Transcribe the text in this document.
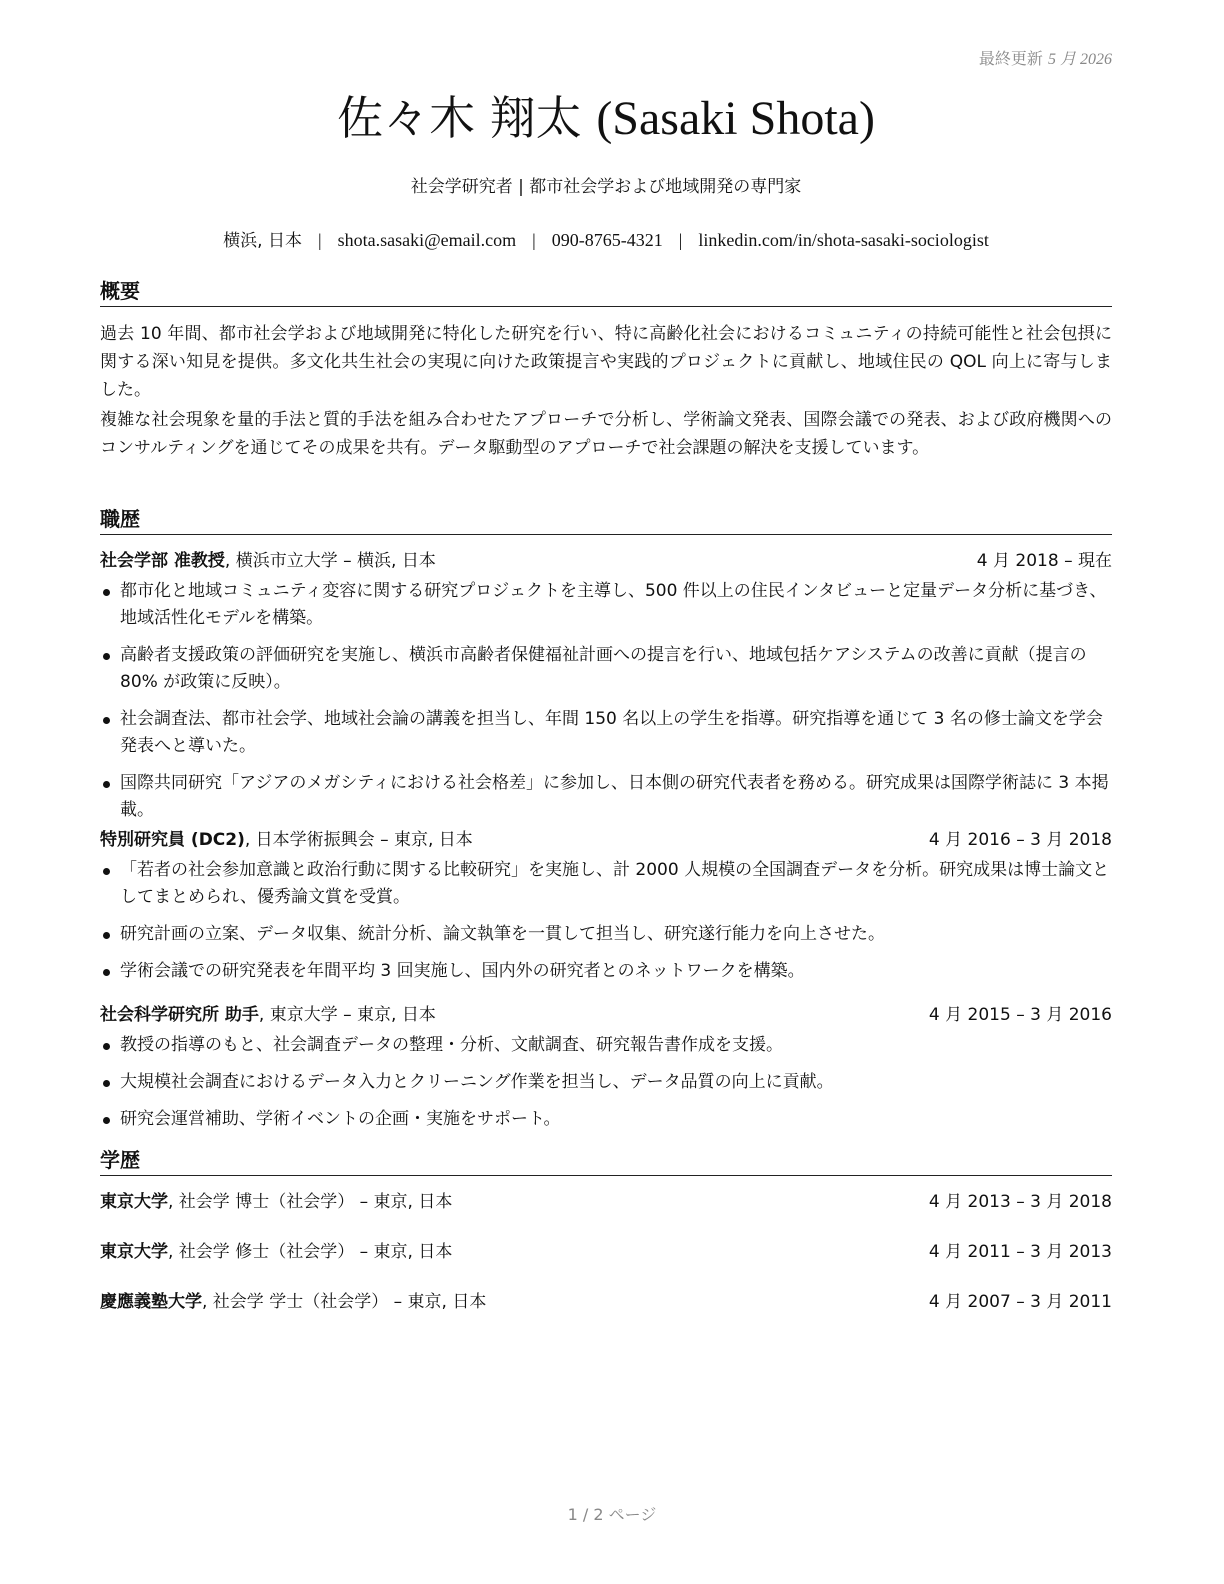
最終更新 5 月 2026
佐々木 翔太 (Sasaki Shota)
社会学研究者 | 都市社会学および地域開発の専門家
横浜, 日本 | shota.sasaki@email.com | 090-8765-4321 | linkedin.com/in/shota-sasaki-sociologist
概要

過去 10 年間、都市社会学および地域開発に特化した研究を行い、特に高齢化社会におけるコミュニティの持続可能性と社会包摂に関する深い知見を提供。多文化共生社会の実現に向けた政策提言や実践的プロジェクトに貢献し、地域住民の QOL 向上に寄与しました。

複雑な社会現象を量的手法と質的手法を組み合わせたアプローチで分析し、学術論文発表、国際会議での発表、および政府機関へのコンサルティングを通じてその成果を共有。データ駆動型のアプローチで社会課題の解決を支援しています。

職歴
社会学部 准教授, 横浜市立大学 – 横浜, 日本	4 月 2018 – 現在
都市化と地域コミュニティ変容に関する研究プロジェクトを主導し、500 件以上の住民インタビューと定量データ分析に基づき、地域活性化モデルを構築。
高齢者支援政策の評価研究を実施し、横浜市高齢者保健福祉計画への提言を行い、地域包括ケアシステムの改善に貢献（提言の 80% が政策に反映）。
社会調査法、都市社会学、地域社会論の講義を担当し、年間 150 名以上の学生を指導。研究指導を通じて 3 名の修士論文を学会発表へと導いた。
国際共同研究「アジアのメガシティにおける社会格差」に参加し、日本側の研究代表者を務める。研究成果は国際学術誌に 3 本掲載。
特別研究員 (DC2), 日本学術振興会 – 東京, 日本	4 月 2016 – 3 月 2018
「若者の社会参加意識と政治行動に関する比較研究」を実施し、計 2000 人規模の全国調査データを分析。研究成果は博士論文としてまとめられ、優秀論文賞を受賞。
研究計画の立案、データ収集、統計分析、論文執筆を一貫して担当し、研究遂行能力を向上させた。
学術会議での研究発表を年間平均 3 回実施し、国内外の研究者とのネットワークを構築。
社会科学研究所 助手, 東京大学 – 東京, 日本	4 月 2015 – 3 月 2016
教授の指導のもと、社会調査データの整理・分析、文献調査、研究報告書作成を支援。
大規模社会調査におけるデータ入力とクリーニング作業を担当し、データ品質の向上に貢献。
研究会運営補助、学術イベントの企画・実施をサポート。
学歴
東京大学, 社会学 博士（社会学） – 東京, 日本	4 月 2013 – 3 月 2018
東京大学, 社会学 修士（社会学） – 東京, 日本	4 月 2011 – 3 月 2013
慶應義塾大学, 社会学 学士（社会学） – 東京, 日本	4 月 2007 – 3 月 2011
1 / 2 ページ
